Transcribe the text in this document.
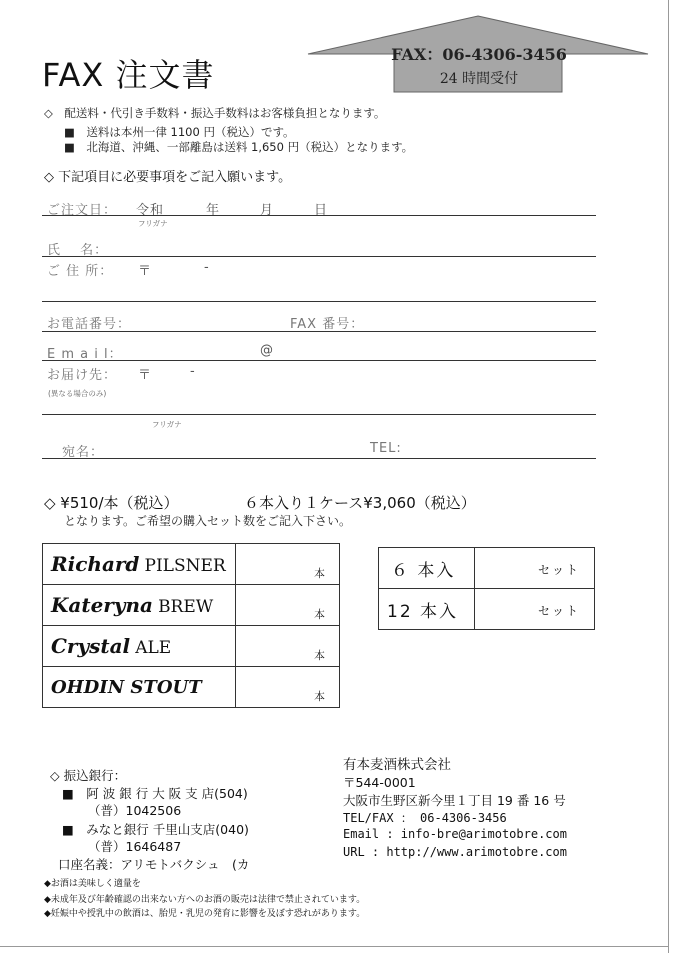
FAX 注文書
FAX：06-4306-3456
24 時間受付
◇　配送料・代引き手数料・振込手数料はお客様負担となります。
■　送料は本州一律 1100 円（税込）です。
■　北海道、沖縄、一部離島は送料 1,650 円（税込）となります。
◇ 下記項目に必要事項をご記入願います。
ご注文日： 令和	年	月	日
フリガナ
氏　 名：
ご 住 所： 〒	-
お電話番号：	FAX 番号：
E m a i l：	@
お届け先： 〒	-
(異なる場合のみ)
フリガナ
宛名：	TEL:
◇ ¥510/本（税込）	６本入り１ケース¥3,060（税込）
となります。ご希望の購入セット数をご記入下さい。
Richard PILSNER	本

Kateryna BREW	本

Crystal ALE	本

OHDIN STOUT	本
６ 本入	セット
12 本入	セット
◇ 振込銀行：
■　阿 波 銀 行 大 阪 支 店(504)
（普）1042506
■　みなと銀行 千里山支店(040)
（普）1646487
口座名義：アリモトバクシュ　(カ
有本麦酒株式会社
〒544-0001
大阪市生野区新今里１丁目 19 番 16 号
TEL/FAX ： 06-4306-3456
Email : info-bre@arimotobre.com
URL : http://www.arimotobre.com
◆お酒は美味しく適量を
◆未成年及び年齢確認の出来ない方へのお酒の販売は法律で禁止されています。
◆妊娠中や授乳中の飲酒は、胎児・乳児の発育に影響を及ぼす恐れがあります。
